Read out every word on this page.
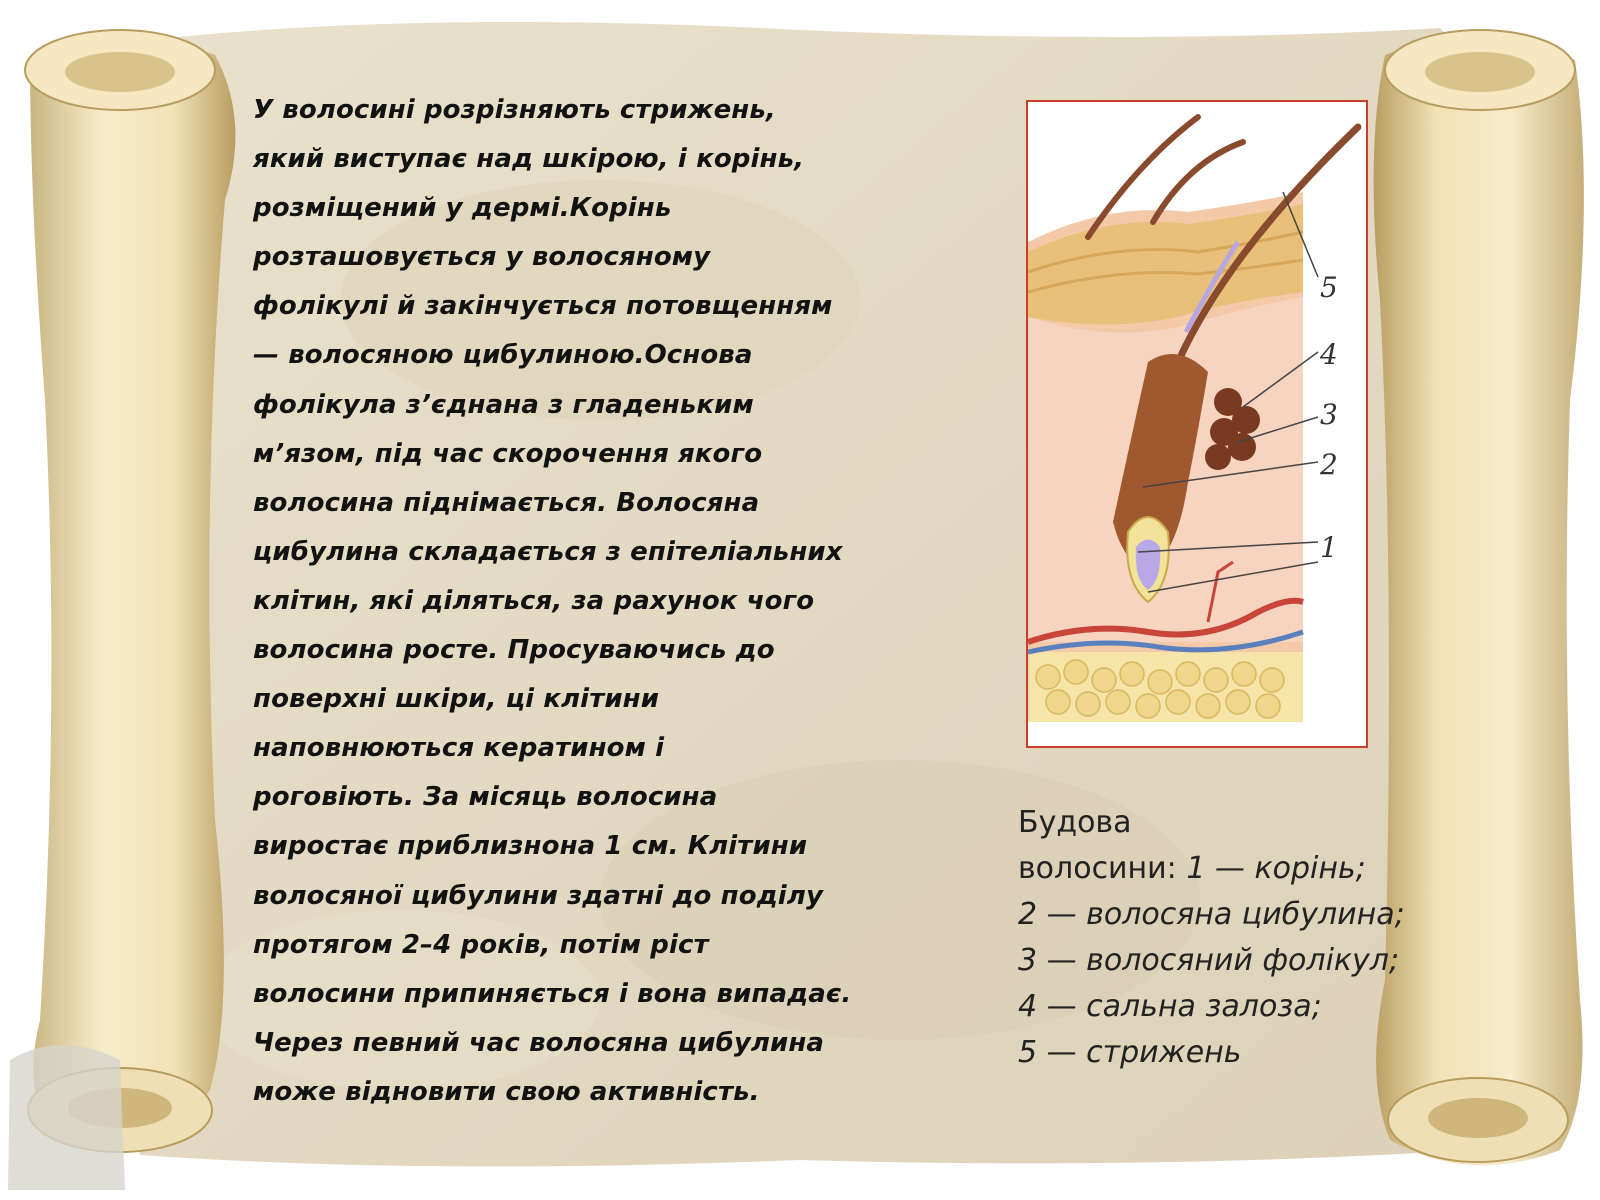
У волосині розрізняють стрижень,
який виступає над шкірою, і корінь,
розміщений у дермі.Корінь
розташовується у волосяному
фолікулі й закінчується потовщенням
— волосяною цибулиною.Основа
фолікула з’єднана з гладеньким
м’язом, під час скорочення якого
волосина піднімається. Волосяна
цибулина складається з епітеліальних
клітин, які діляться, за рахунок чого
волосина росте. Просуваючись до
поверхні шкіри, ці клітини
наповнюються кератином і
роговіють. За місяць волосина
виростає приблизнона 1 см. Клітини
волосяної цибулини здатні до поділу
протягом 2–4 років, потім ріст
волосини припиняється і вона випадає.
Через певний час волосяна цибулина
може відновити свою активність.
5
4
3
2
1
Будова
волосини: 1 — корінь;
2 — волосяна цибулина;
3 — волосяний фолікул;
4 — сальна залоза;
5 — стрижень
